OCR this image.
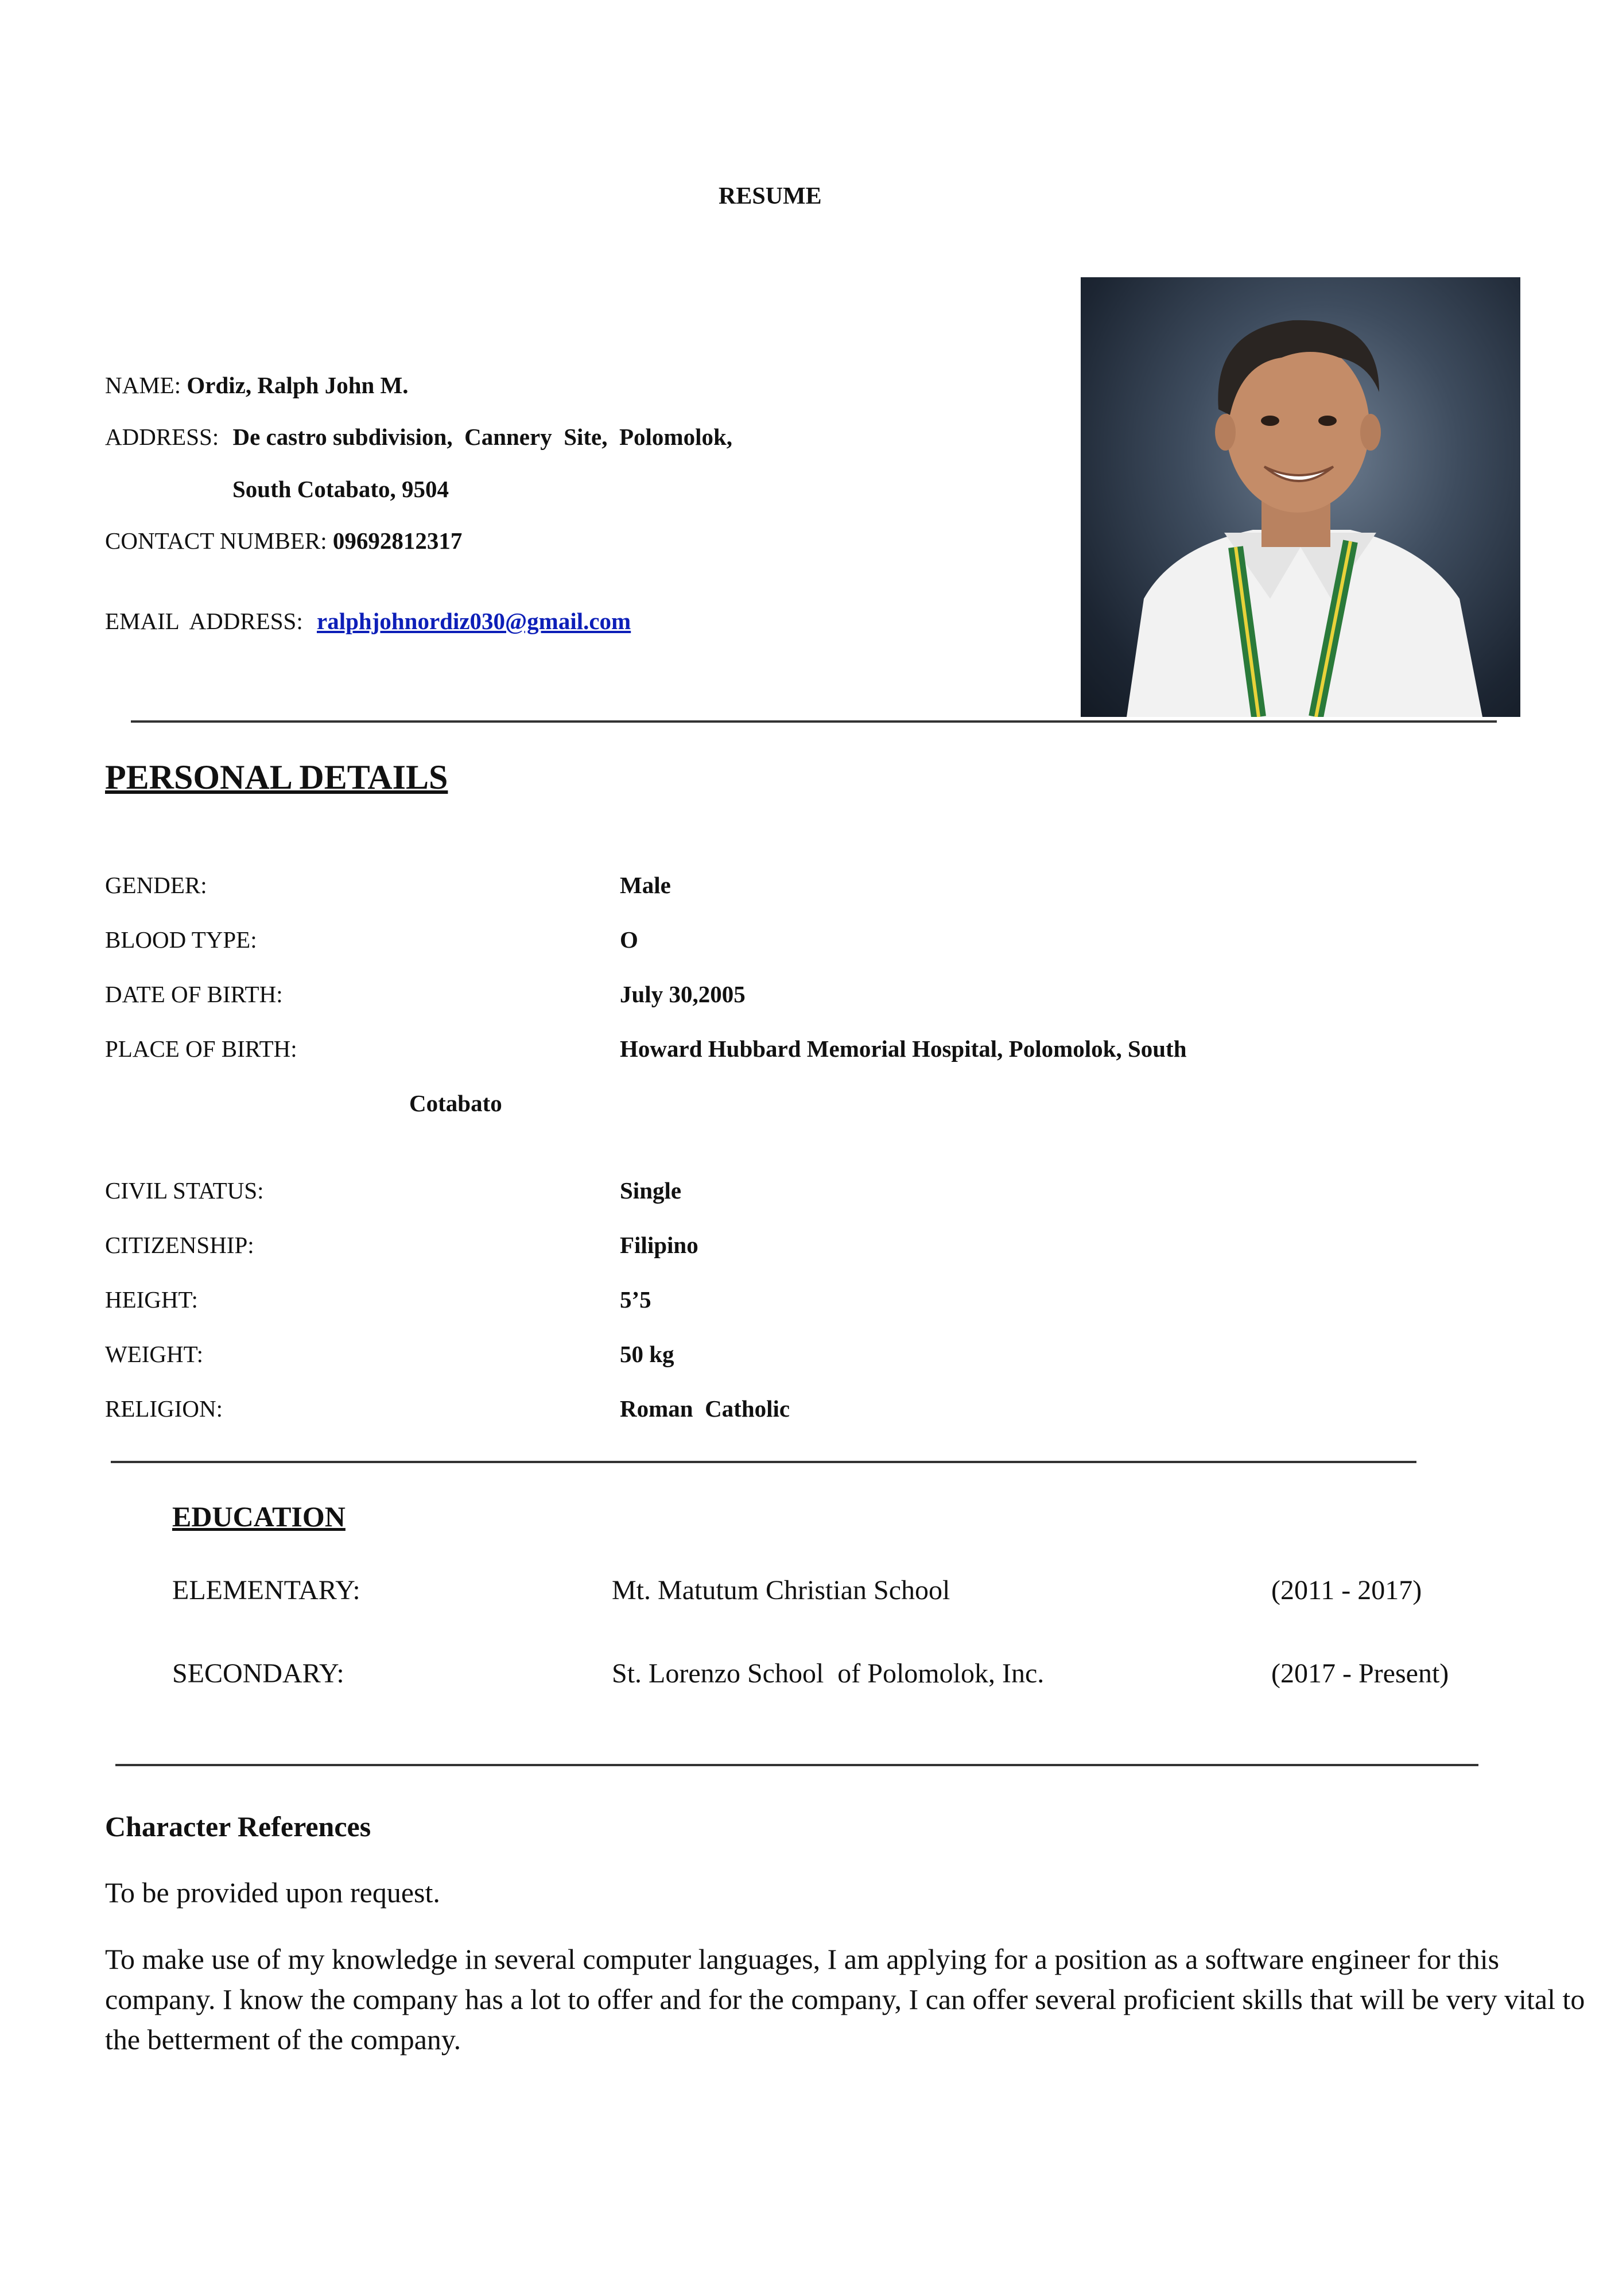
RESUME
NAME: Ordiz, Ralph John M.
ADDRESS: De castro subdivision,  Cannery  Site,  Polomolok,
South Cotabato, 9504
CONTACT NUMBER: 09692812317
EMAIL  ADDRESS: ralphjohnordiz030@gmail.com
PERSONAL DETAILS
GENDER:	Male
BLOOD TYPE:	O
DATE OF BIRTH:	July 30,2005
PLACE OF BIRTH:	Howard Hubbard Memorial Hospital, Polomolok, South
Cotabato
CIVIL STATUS:	Single
CITIZENSHIP:	Filipino
HEIGHT:	5’5
WEIGHT:	50 kg
RELIGION:	Roman  Catholic
EDUCATION
ELEMENTARY:	Mt. Matutum Christian School	(2011 - 2017)
SECONDARY:	St. Lorenzo School  of Polomolok, Inc.	(2017 - Present)
Character References
To be provided upon request.
To make use of my knowledge in several computer languages, I am applying for a position as a software engineer for this company. I know the company has a lot to offer and for the company, I can offer several proficient skills that will be very vital to the betterment of the company.
